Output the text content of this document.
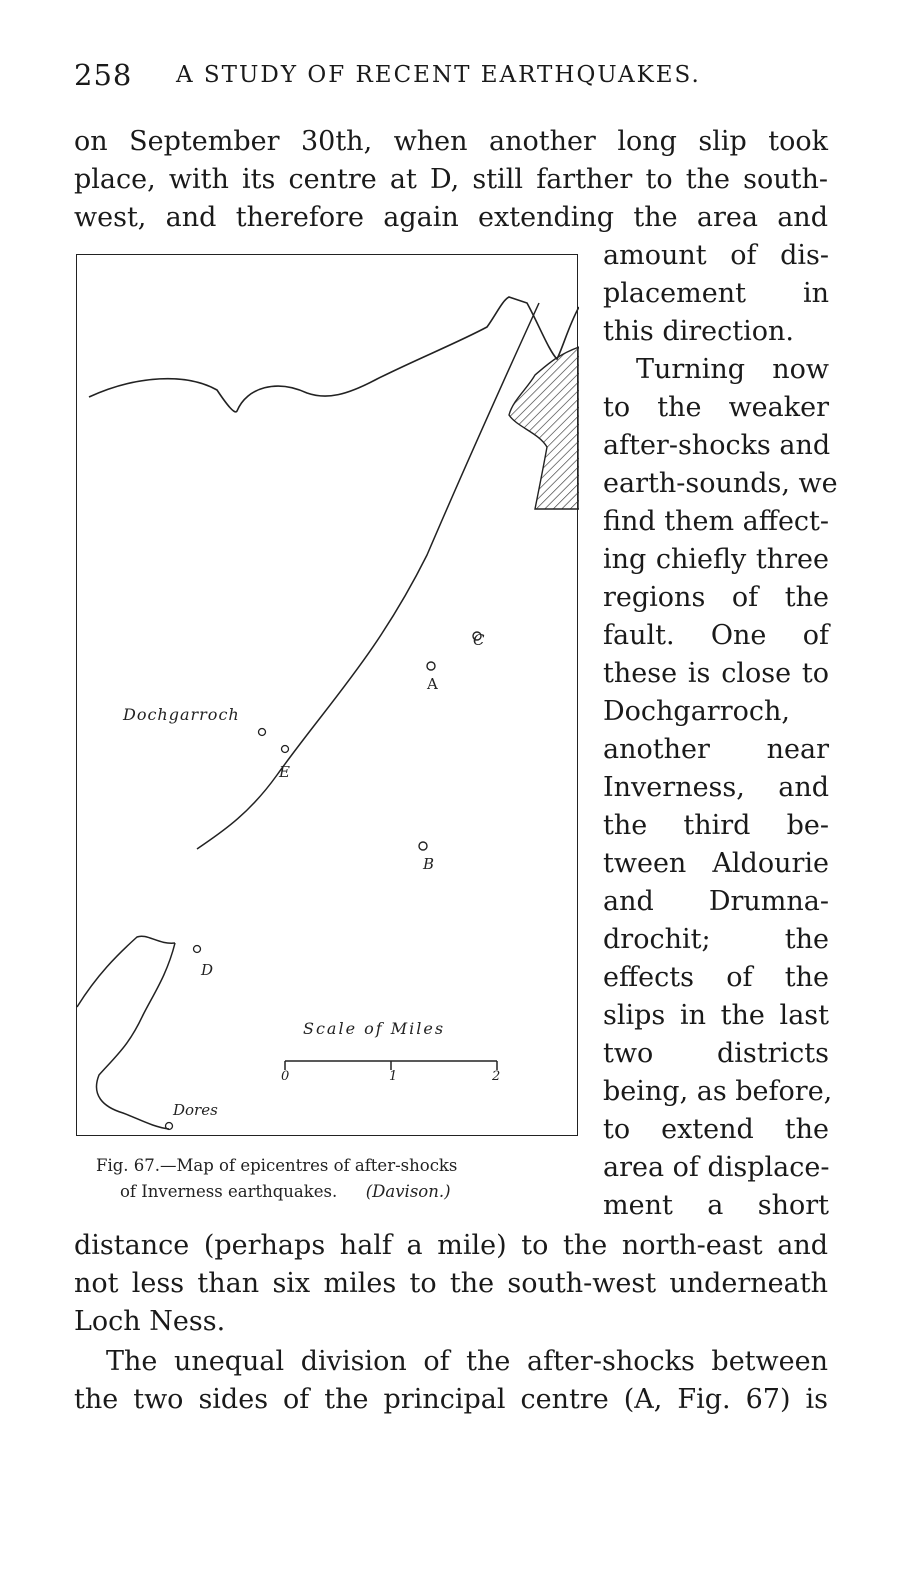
258 A STUDY OF RECENT EARTHQUAKES.
on September 30th, when another long slip took
place, with its centre at D, still farther to the south-
west, and therefore again extending the area and
amount of dis-
placement in
this direction.
Turning now
to the weaker
after-shocks and
earth-sounds, we
find them affect-
ing chiefly three
regions of the
fault. One of
these is close to
Dochgarroch,
another near
Inverness, and
the third be-
tween Aldourie
and Drumna-
drochit; the
effects of the
slips in the last
two districts
being, as before,
to extend the
area of displace-
ment a short
C
A
Dochgarroch
E
B
D
Scale of Miles
0	1	2
Dores
Fig. 67.—Map of epicentres of after-shocks
of Inverness earthquakes. (Davison.)
distance (perhaps half a mile) to the north-east and
not less than six miles to the south-west underneath
Loch Ness.
The unequal division of the after-shocks between
the two sides of the principal centre (A, Fig. 67) is
